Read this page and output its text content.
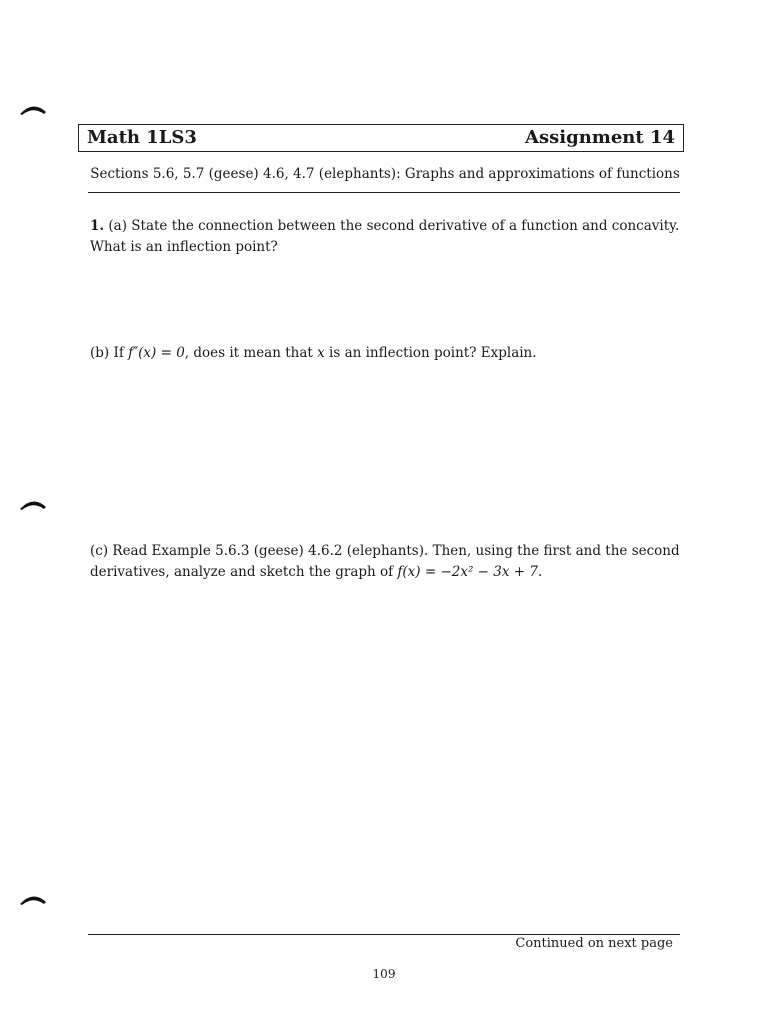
Math 1LS3	Assignment 14
Sections 5.6, 5.7 (geese) 4.6, 4.7 (elephants): Graphs and approximations of functions
1. (a) State the connection between the second derivative of a function and concavity. What is an inflection point?
(b) If f″(x) = 0, does it mean that x is an inflection point? Explain.
(c) Read Example 5.6.3 (geese) 4.6.2 (elephants). Then, using the first and the second derivatives, analyze and sketch the graph of f(x) = −2x² − 3x + 7.
Continued on next page
109
